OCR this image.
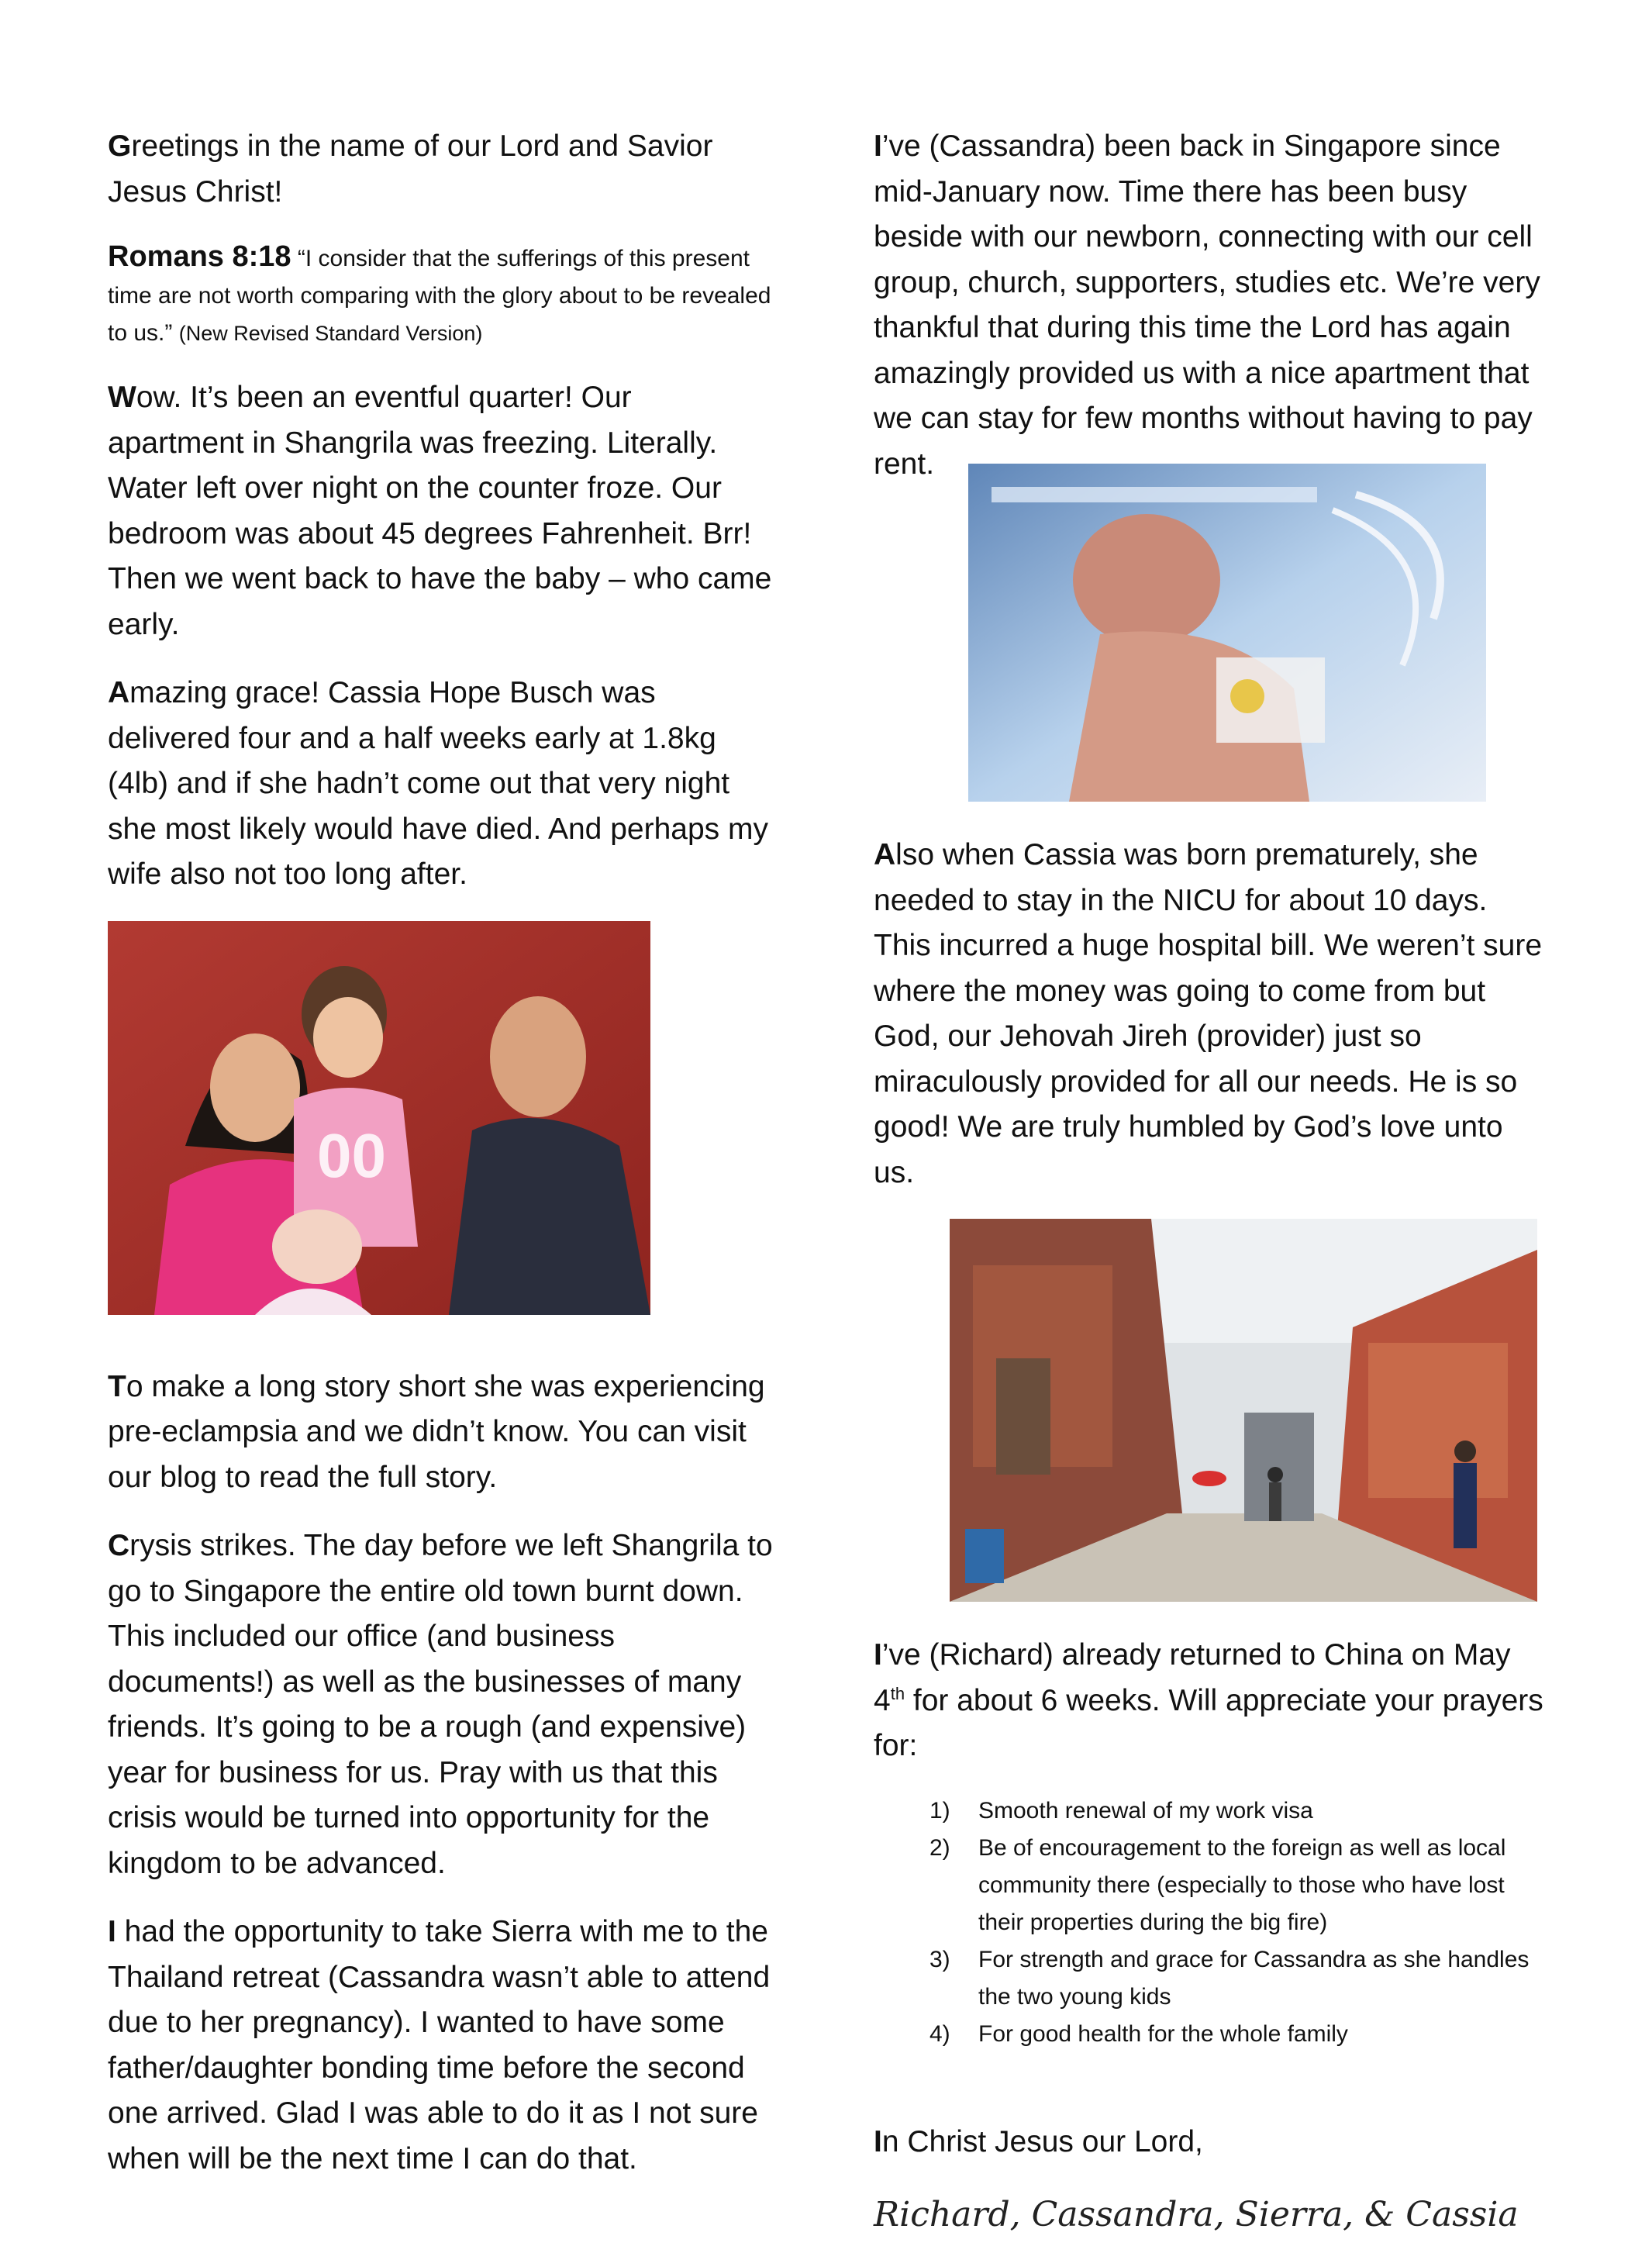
Greetings in the name of our Lord and Savior Jesus Christ!

Romans 8:18 “I consider that the sufferings of this present time are not worth comparing with the glory about to be revealed to us.” (New Revised Standard Version)

Wow. It’s been an eventful quarter! Our apartment in Shangrila was freezing. Literally. Water left over night on the counter froze. Our bedroom was about 45 degrees Fahrenheit. Brr! Then we went back to have the baby – who came early.

Amazing grace! Cassia Hope Busch was delivered four and a half weeks early at 1.8kg (4lb) and if she hadn’t come out that very night she most likely would have died. And perhaps my wife also not too long after.

00

To make a long story short she was experiencing pre-eclampsia and we didn’t know. You can visit our blog to read the full story.

Crysis strikes. The day before we left Shangrila to go to Singapore the entire old town burnt down. This included our office (and business documents!) as well as the businesses of many friends. It’s going to be a rough (and expensive) year for business for us. Pray with us that this crisis would be turned into opportunity for the kingdom to be advanced.

I had the opportunity to take Sierra with me to the Thailand retreat (Cassandra wasn’t able to attend due to her pregnancy). I wanted to have some father/daughter bonding time before the second one arrived. Glad I was able to do it as I not sure when will be the next time I can do that.

I’ve (Cassandra) been back in Singapore since mid-January now. Time there has been busy beside with our newborn, connecting with our cell group, church, supporters, studies etc. We’re very thankful that during this time the Lord has again amazingly provided us with a nice apartment that we can stay for few months without having to pay rent.

Also when Cassia was born prematurely, she needed to stay in the NICU for about 10 days. This incurred a huge hospital bill. We weren’t sure where the money was going to come from but God, our Jehovah Jireh (provider) just so miraculously provided for all our needs. He is so good! We are truly humbled by God’s love unto us.

I’ve (Richard) already returned to China on May 4th for about 6 weeks. Will appreciate your prayers for:

1) Smooth renewal of my work visa
2) Be of encouragement to the foreign as well as local community there (especially to those who have lost their properties during the big fire)
3) For strength and grace for Cassandra as she handles the two young kids
4) For good health for the whole family

In Christ Jesus our Lord,

Richard, Cassandra, Sierra, & Cassia
